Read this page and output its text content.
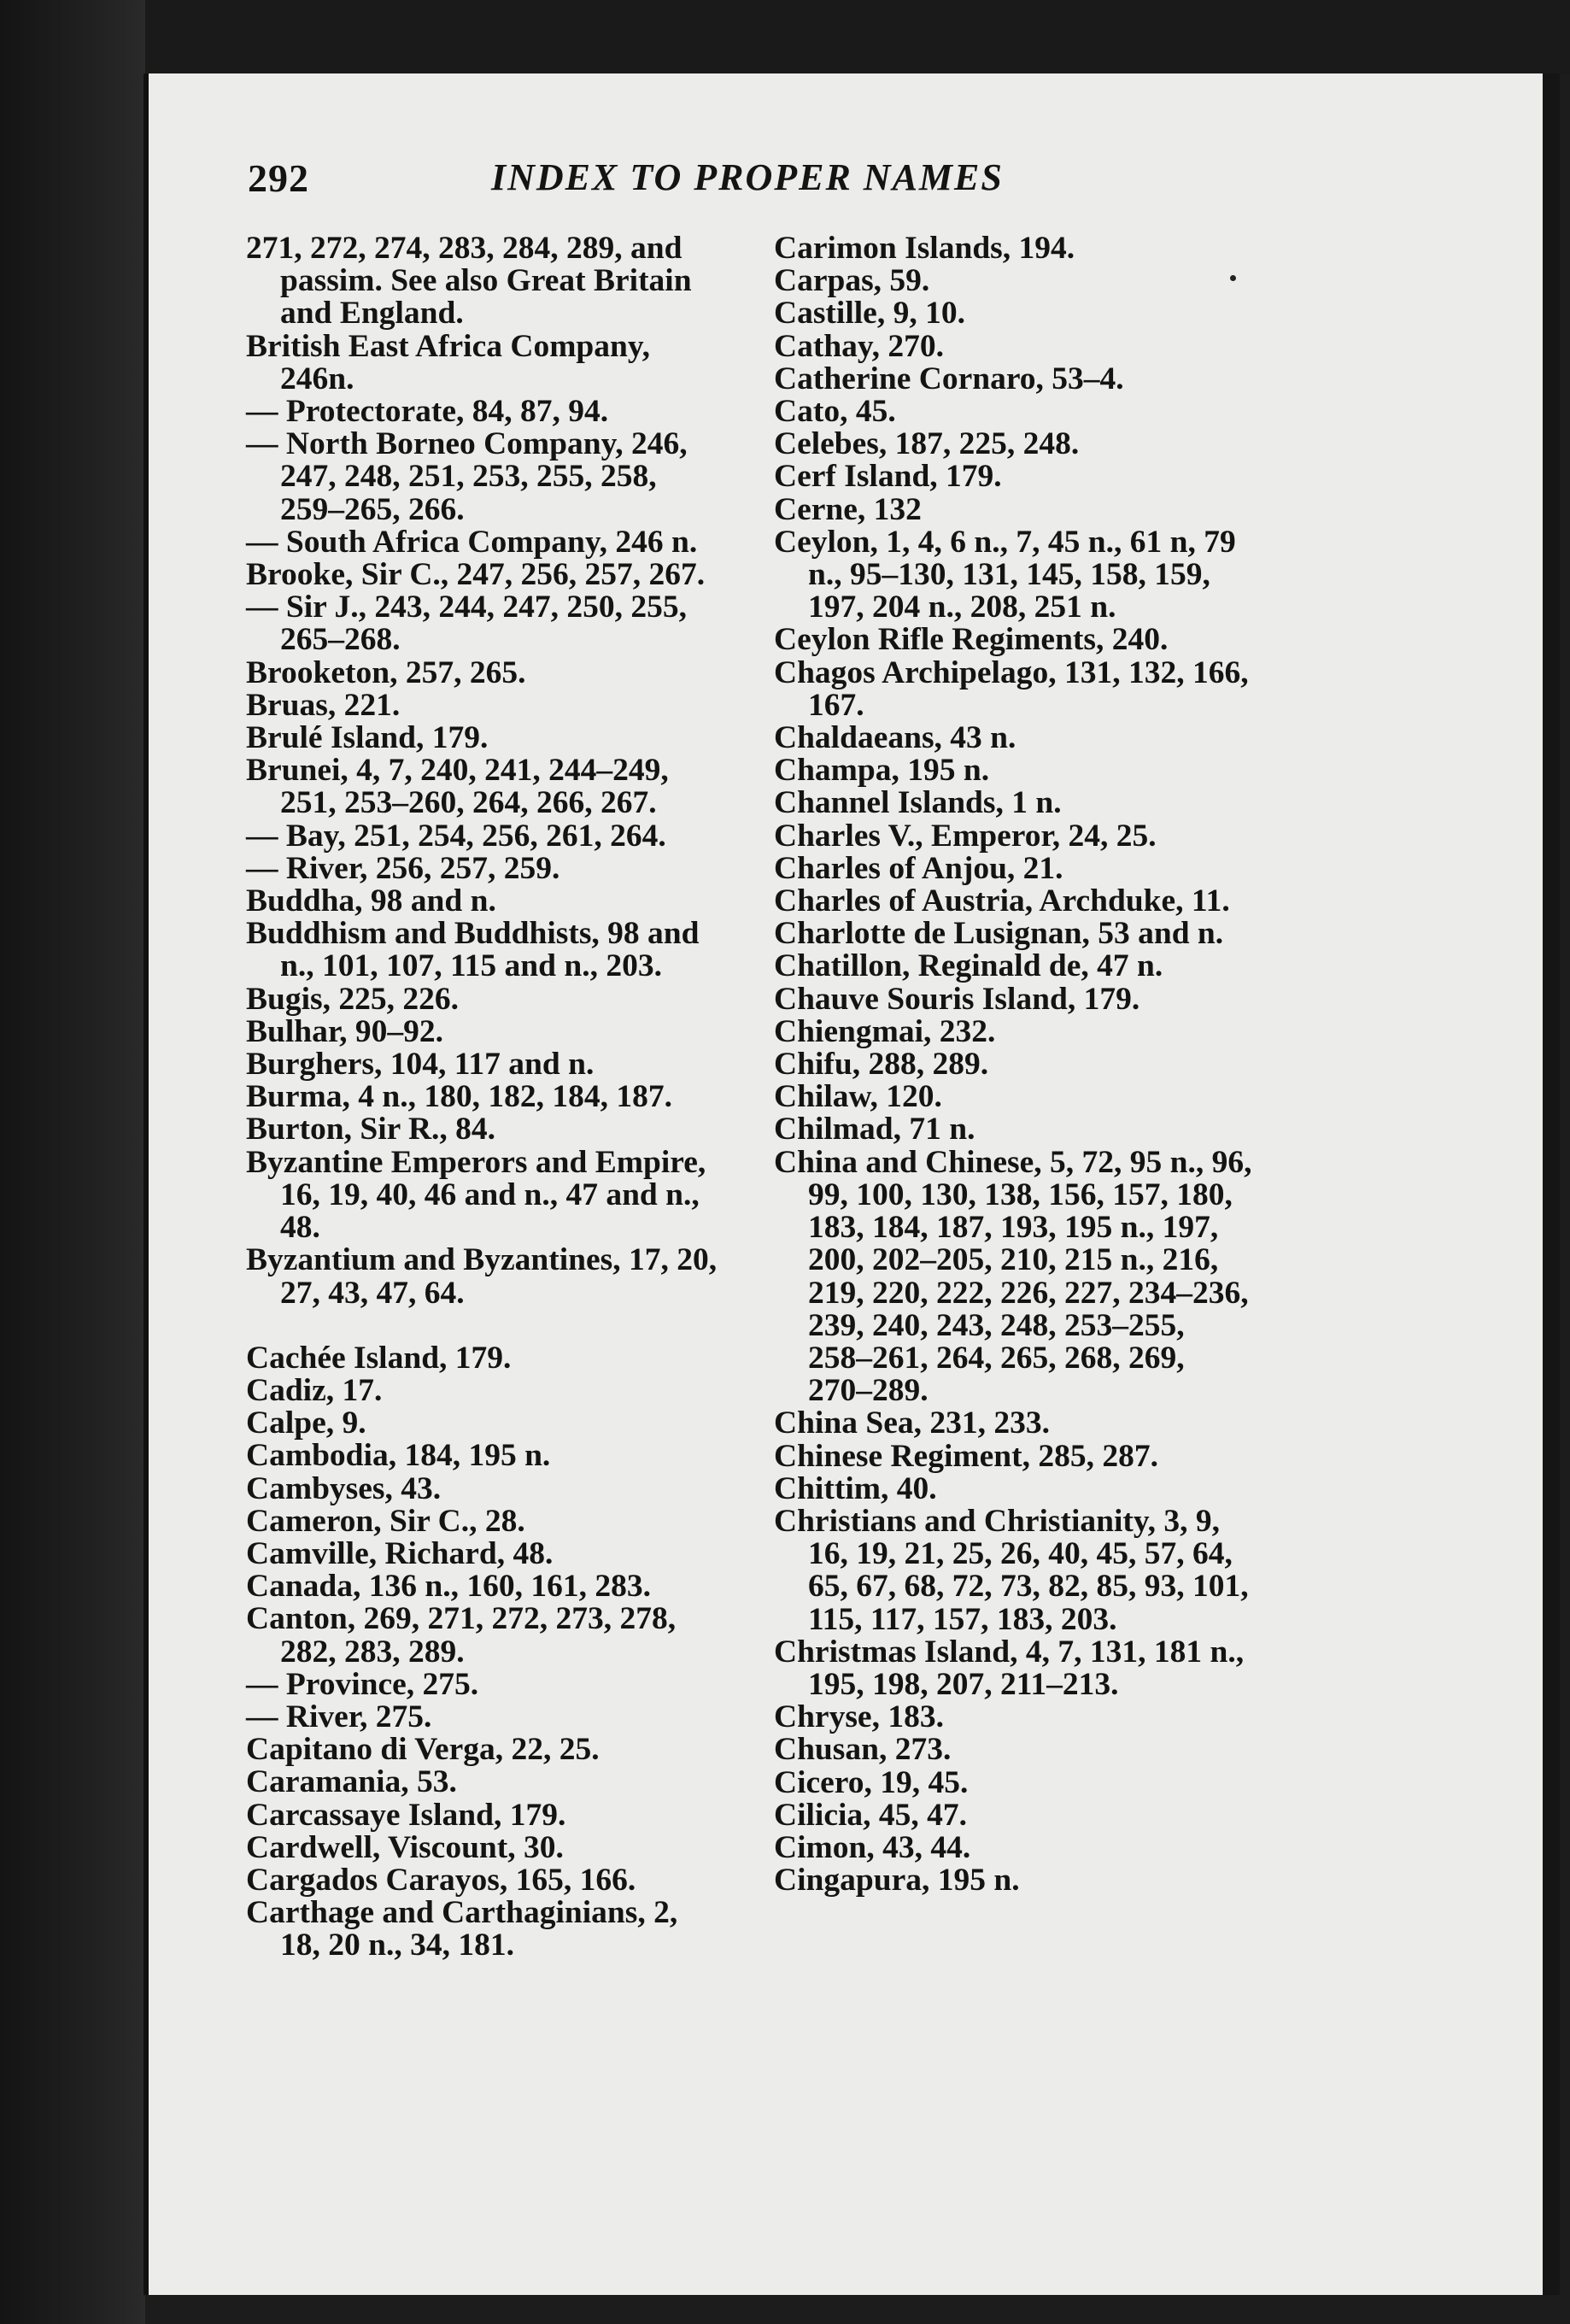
292	INDEX TO PROPER NAMES

271, 272, 274, 283, 284, 289, and passim. See also Great Britain and England.

British East Africa Company, 246n.

— Protectorate, 84, 87, 94.

— North Borneo Company, 246, 247, 248, 251, 253, 255, 258, 259–265, 266.

— South Africa Company, 246 n.

Brooke, Sir C., 247, 256, 257, 267.

— Sir J., 243, 244, 247, 250, 255, 265–268.

Brooketon, 257, 265.

Bruas, 221.

Brulé Island, 179.

Brunei, 4, 7, 240, 241, 244–249, 251, 253–260, 264, 266, 267.

— Bay, 251, 254, 256, 261, 264.

— River, 256, 257, 259.

Buddha, 98 and n.

Buddhism and Buddhists, 98 and n., 101, 107, 115 and n., 203.

Bugis, 225, 226.

Bulhar, 90–92.

Burghers, 104, 117 and n.

Burma, 4 n., 180, 182, 184, 187.

Burton, Sir R., 84.

Byzantine Emperors and Empire, 16, 19, 40, 46 and n., 47 and n., 48.

Byzantium and Byzantines, 17, 20, 27, 43, 47, 64.

Cachée Island, 179.

Cadiz, 17.

Calpe, 9.

Cambodia, 184, 195 n.

Cambyses, 43.

Cameron, Sir C., 28.

Camville, Richard, 48.

Canada, 136 n., 160, 161, 283.

Canton, 269, 271, 272, 273, 278, 282, 283, 289.

— Province, 275.

— River, 275.

Capitano di Verga, 22, 25.

Caramania, 53.

Carcassaye Island, 179.

Cardwell, Viscount, 30.

Cargados Carayos, 165, 166.

Carthage and Carthaginians, 2, 18, 20 n., 34, 181.

Carimon Islands, 194.

Carpas, 59.

Castille, 9, 10.

Cathay, 270.

Catherine Cornaro, 53–4.

Cato, 45.

Celebes, 187, 225, 248.

Cerf Island, 179.

Cerne, 132

Ceylon, 1, 4, 6 n., 7, 45 n., 61 n, 79 n., 95–130, 131, 145, 158, 159, 197, 204 n., 208, 251 n.

Ceylon Rifle Regiments, 240.

Chagos Archipelago, 131, 132, 166, 167.

Chaldaeans, 43 n.

Champa, 195 n.

Channel Islands, 1 n.

Charles V., Emperor, 24, 25.

Charles of Anjou, 21.

Charles of Austria, Archduke, 11.

Charlotte de Lusignan, 53 and n.

Chatillon, Reginald de, 47 n.

Chauve Souris Island, 179.

Chiengmai, 232.

Chifu, 288, 289.

Chilaw, 120.

Chilmad, 71 n.

China and Chinese, 5, 72, 95 n., 96, 99, 100, 130, 138, 156, 157, 180, 183, 184, 187, 193, 195 n., 197, 200, 202–205, 210, 215 n., 216, 219, 220, 222, 226, 227, 234–236, 239, 240, 243, 248, 253–255, 258–261, 264, 265, 268, 269, 270–289.

China Sea, 231, 233.

Chinese Regiment, 285, 287.

Chittim, 40.

Christians and Christianity, 3, 9, 16, 19, 21, 25, 26, 40, 45, 57, 64, 65, 67, 68, 72, 73, 82, 85, 93, 101, 115, 117, 157, 183, 203.

Christmas Island, 4, 7, 131, 181 n., 195, 198, 207, 211–213.

Chryse, 183.

Chusan, 273.

Cicero, 19, 45.

Cilicia, 45, 47.

Cimon, 43, 44.

Cingapura, 195 n.
